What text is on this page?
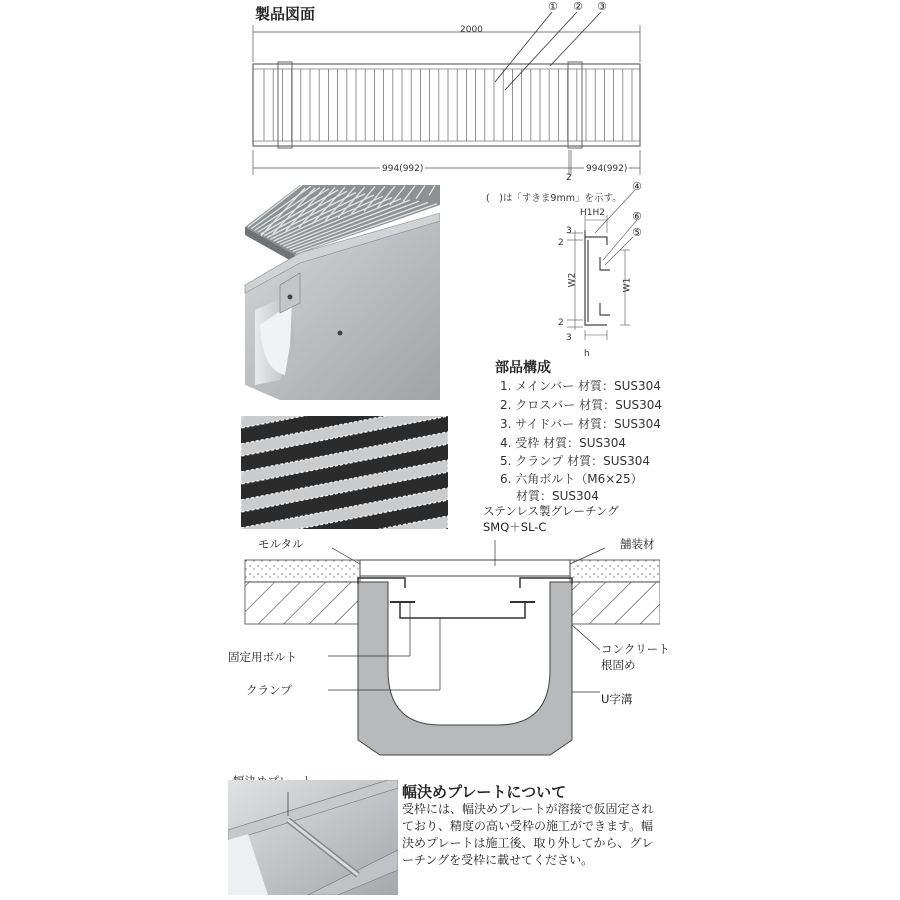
製品図面
2000
① ② ③
994(992)
2
994(992)
(　)は「すきま9mm」を示す。
④
⑥
⑤
H1H2
W2	W1
h
2
3
2
3
部品構成
1. メインバー 材質：SUS304
2. クロスバー 材質：SUS304
3. サイドバー 材質：SUS304
4. 受枠 材質：SUS304
5. クランプ 材質：SUS304
6. 六角ボルト（M6×25）
材質：SUS304
ステンレス製グレーチング
SMQ＋SL-C
モルタル	舗装材
固定用ボルト
クランプ
コンクリート
根固め
U字溝
幅決めプレートについて
受枠には、幅決めプレートが溶接で仮固定され
ており、精度の高い受枠の施工ができます。幅
決めプレートは施工後、取り外してから、グレ
ーチングを受枠に載せてください。
